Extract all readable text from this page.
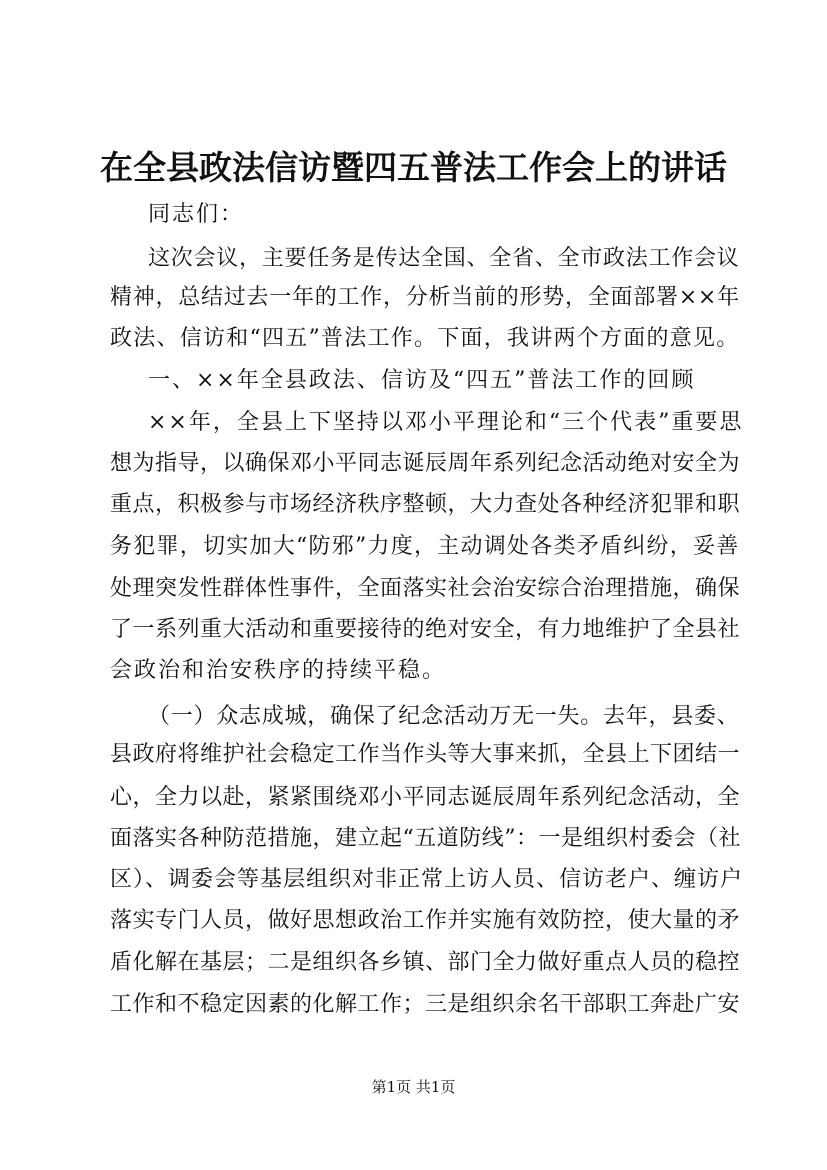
在全县政法信访暨四五普法工作会上的讲话
同志们：
这次会议，主要任务是传达全国、全省、全市政法工作会议
精神，总结过去一年的工作，分析当前的形势，全面部署××年
政法、信访和“四五”普法工作。下面，我讲两个方面的意见。
一、××年全县政法、信访及“四五”普法工作的回顾
××年，全县上下坚持以邓小平理论和“三个代表”重要思
想为指导，以确保邓小平同志诞辰周年系列纪念活动绝对安全为
重点，积极参与市场经济秩序整顿，大力查处各种经济犯罪和职
务犯罪，切实加大“防邪”力度，主动调处各类矛盾纠纷，妥善
处理突发性群体性事件，全面落实社会治安综合治理措施，确保
了一系列重大活动和重要接待的绝对安全，有力地维护了全县社
会政治和治安秩序的持续平稳。
（一）众志成城，确保了纪念活动万无一失。去年，县委、
县政府将维护社会稳定工作当作头等大事来抓，全县上下团结一
心，全力以赴，紧紧围绕邓小平同志诞辰周年系列纪念活动，全
面落实各种防范措施，建立起“五道防线”：一是组织村委会（社
区）、调委会等基层组织对非正常上访人员、信访老户、缠访户
落实专门人员，做好思想政治工作并实施有效防控，使大量的矛
盾化解在基层；二是组织各乡镇、部门全力做好重点人员的稳控
工作和不稳定因素的化解工作；三是组织余名干部职工奔赴广安
第1页 共1页
